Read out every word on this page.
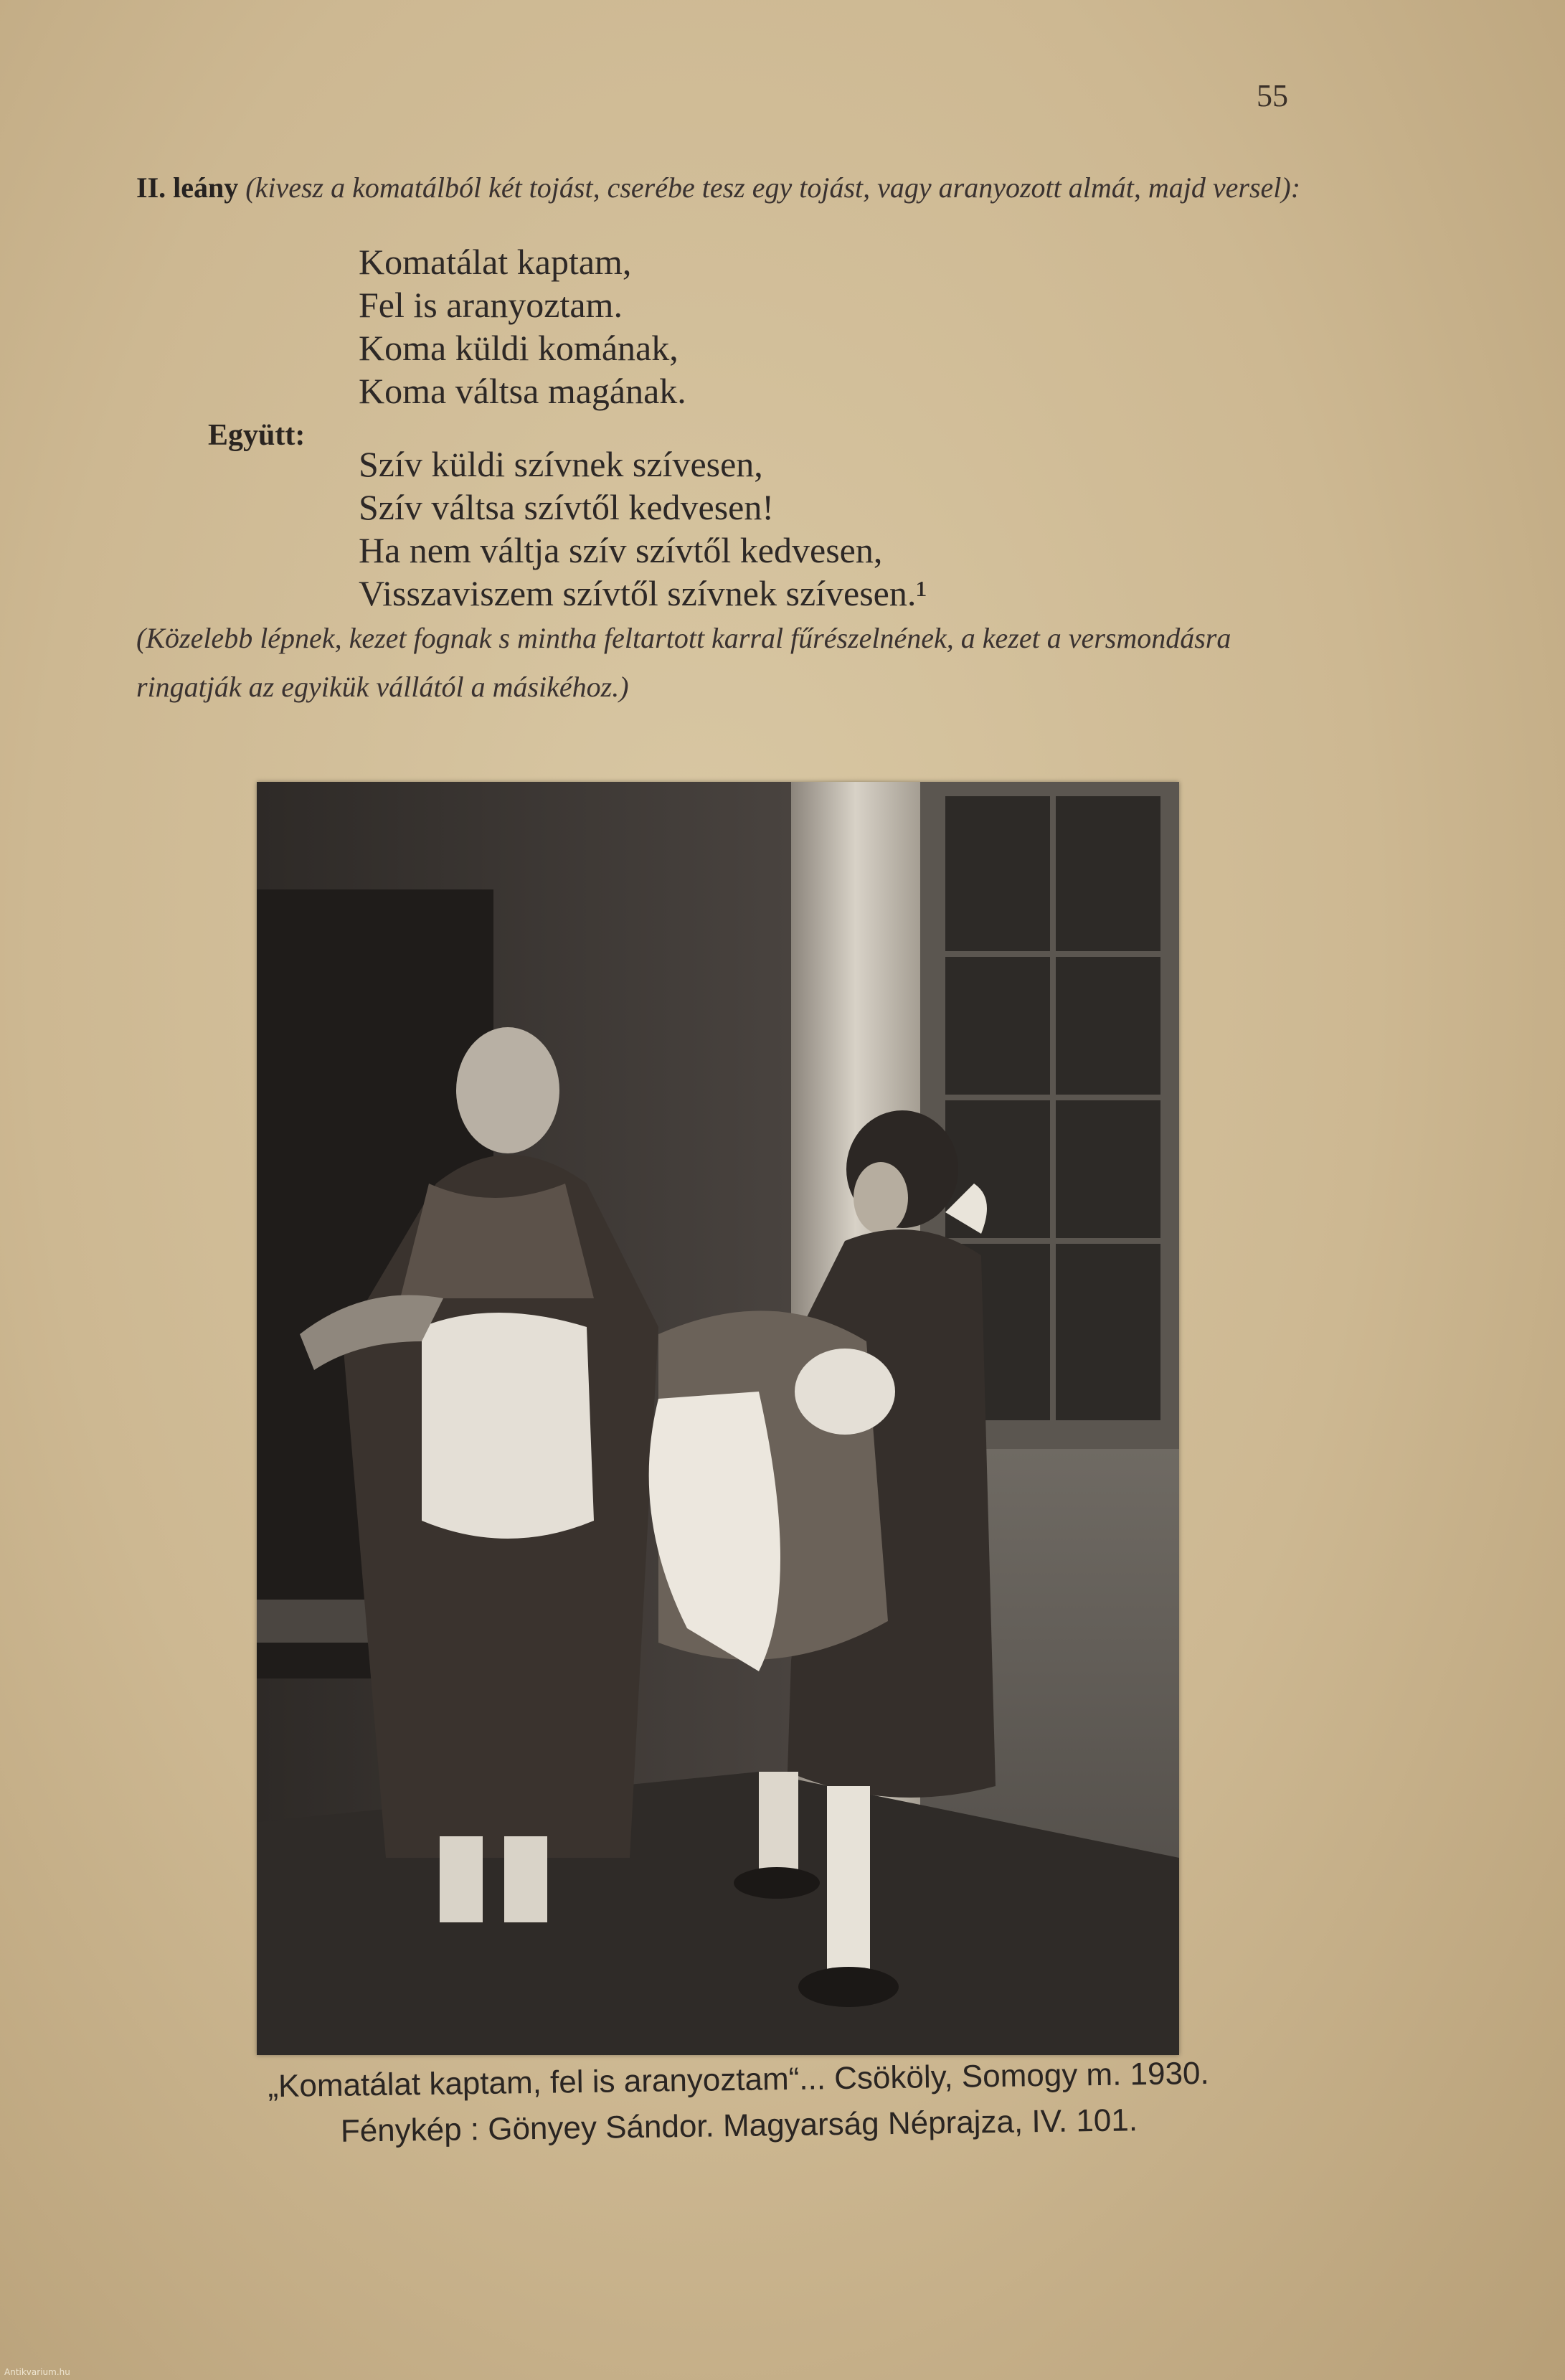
55
II. leány (kivesz a komatálból két tojást, cserébe tesz egy tojást, vagy aranyozott almát, majd versel):
Komatálat kaptam,
Fel is aranyoztam.
Koma küldi komának,
Koma váltsa magának.
Együtt:
Szív küldi szívnek szívesen,
Szív váltsa szívtől kedvesen!
Ha nem váltja szív szívtől kedvesen,
Visszaviszem szívtől szívnek szívesen.¹
(Közelebb lépnek, kezet fognak s mintha feltartott karral fűrészelnének, a kezet a versmondásra ringatják az egyikük vállától a másikéhoz.)
„Komatálat kaptam, fel is aranyoztam“... Csököly, Somogy m. 1930.
Fénykép : Gönyey Sándor. Magyarság Néprajza, IV. 101.
Antikvarium.hu
